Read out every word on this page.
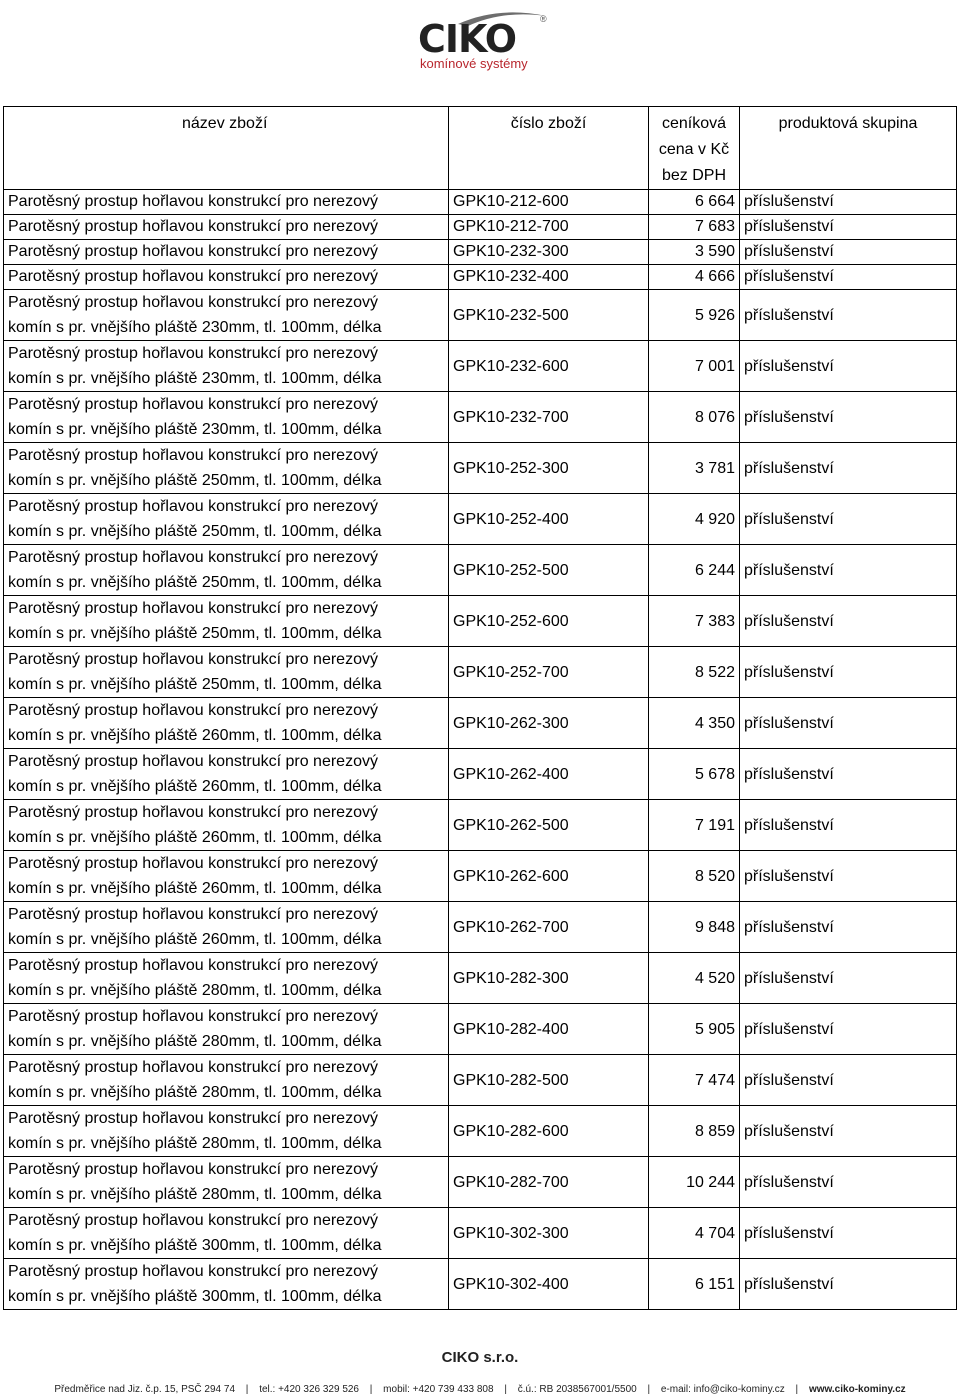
CIKO	®
komínové systémy
název zboží	číslo zboží	ceníková
cena v Kč
bez DPH	produktová skupina

Parotěsný prostup hořlavou konstrukcí pro nerezový	GPK10-212-600	6 664	příslušenství

Parotěsný prostup hořlavou konstrukcí pro nerezový	GPK10-212-700	7 683	příslušenství

Parotěsný prostup hořlavou konstrukcí pro nerezový	GPK10-232-300	3 590	příslušenství

Parotěsný prostup hořlavou konstrukcí pro nerezový	GPK10-232-400	4 666	příslušenství

Parotěsný prostup hořlavou konstrukcí pro nerezový
komín s pr. vnějšího pláště 230mm, tl. 100mm, délka	GPK10-232-500	5 926	příslušenství

Parotěsný prostup hořlavou konstrukcí pro nerezový
komín s pr. vnějšího pláště 230mm, tl. 100mm, délka	GPK10-232-600	7 001	příslušenství

Parotěsný prostup hořlavou konstrukcí pro nerezový
komín s pr. vnějšího pláště 230mm, tl. 100mm, délka	GPK10-232-700	8 076	příslušenství

Parotěsný prostup hořlavou konstrukcí pro nerezový
komín s pr. vnějšího pláště 250mm, tl. 100mm, délka	GPK10-252-300	3 781	příslušenství

Parotěsný prostup hořlavou konstrukcí pro nerezový
komín s pr. vnějšího pláště 250mm, tl. 100mm, délka	GPK10-252-400	4 920	příslušenství

Parotěsný prostup hořlavou konstrukcí pro nerezový
komín s pr. vnějšího pláště 250mm, tl. 100mm, délka	GPK10-252-500	6 244	příslušenství

Parotěsný prostup hořlavou konstrukcí pro nerezový
komín s pr. vnějšího pláště 250mm, tl. 100mm, délka	GPK10-252-600	7 383	příslušenství

Parotěsný prostup hořlavou konstrukcí pro nerezový
komín s pr. vnějšího pláště 250mm, tl. 100mm, délka	GPK10-252-700	8 522	příslušenství

Parotěsný prostup hořlavou konstrukcí pro nerezový
komín s pr. vnějšího pláště 260mm, tl. 100mm, délka	GPK10-262-300	4 350	příslušenství

Parotěsný prostup hořlavou konstrukcí pro nerezový
komín s pr. vnějšího pláště 260mm, tl. 100mm, délka	GPK10-262-400	5 678	příslušenství

Parotěsný prostup hořlavou konstrukcí pro nerezový
komín s pr. vnějšího pláště 260mm, tl. 100mm, délka	GPK10-262-500	7 191	příslušenství

Parotěsný prostup hořlavou konstrukcí pro nerezový
komín s pr. vnějšího pláště 260mm, tl. 100mm, délka	GPK10-262-600	8 520	příslušenství

Parotěsný prostup hořlavou konstrukcí pro nerezový
komín s pr. vnějšího pláště 260mm, tl. 100mm, délka	GPK10-262-700	9 848	příslušenství

Parotěsný prostup hořlavou konstrukcí pro nerezový
komín s pr. vnějšího pláště 280mm, tl. 100mm, délka	GPK10-282-300	4 520	příslušenství

Parotěsný prostup hořlavou konstrukcí pro nerezový
komín s pr. vnějšího pláště 280mm, tl. 100mm, délka	GPK10-282-400	5 905	příslušenství

Parotěsný prostup hořlavou konstrukcí pro nerezový
komín s pr. vnějšího pláště 280mm, tl. 100mm, délka	GPK10-282-500	7 474	příslušenství

Parotěsný prostup hořlavou konstrukcí pro nerezový
komín s pr. vnějšího pláště 280mm, tl. 100mm, délka	GPK10-282-600	8 859	příslušenství

Parotěsný prostup hořlavou konstrukcí pro nerezový
komín s pr. vnějšího pláště 280mm, tl. 100mm, délka	GPK10-282-700	10 244	příslušenství

Parotěsný prostup hořlavou konstrukcí pro nerezový
komín s pr. vnějšího pláště 300mm, tl. 100mm, délka	GPK10-302-300	4 704	příslušenství

Parotěsný prostup hořlavou konstrukcí pro nerezový
komín s pr. vnějšího pláště 300mm, tl. 100mm, délka	GPK10-302-400	6 151	příslušenství
CIKO s.r.o.
Předměřice nad Jiz. č.p. 15, PSČ 294 74 | tel.: +420 326 329 526 | mobil: +420 739 433 808 | č.ú.: RB 2038567001/5500 | e-mail: info@ciko-kominy.cz | www.ciko-kominy.cz
